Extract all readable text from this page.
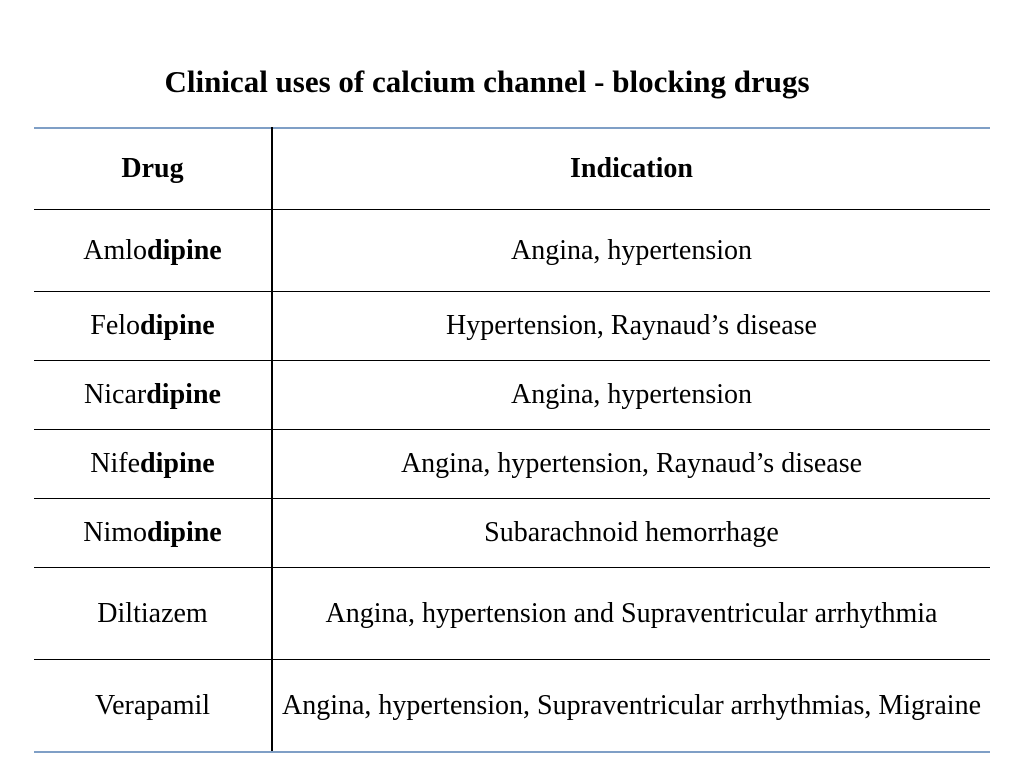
Clinical uses of calcium channel - blocking drugs
Drug	Indication
Amlodipine	Angina, hypertension
Felodipine	Hypertension, Raynaud’s disease
Nicardipine	Angina, hypertension
Nifedipine	Angina, hypertension, Raynaud’s disease
Nimodipine	Subarachnoid hemorrhage
Diltiazem	Angina, hypertension and Supraventricular arrhythmia
Verapamil	Angina, hypertension, Supraventricular arrhythmias, Migraine
